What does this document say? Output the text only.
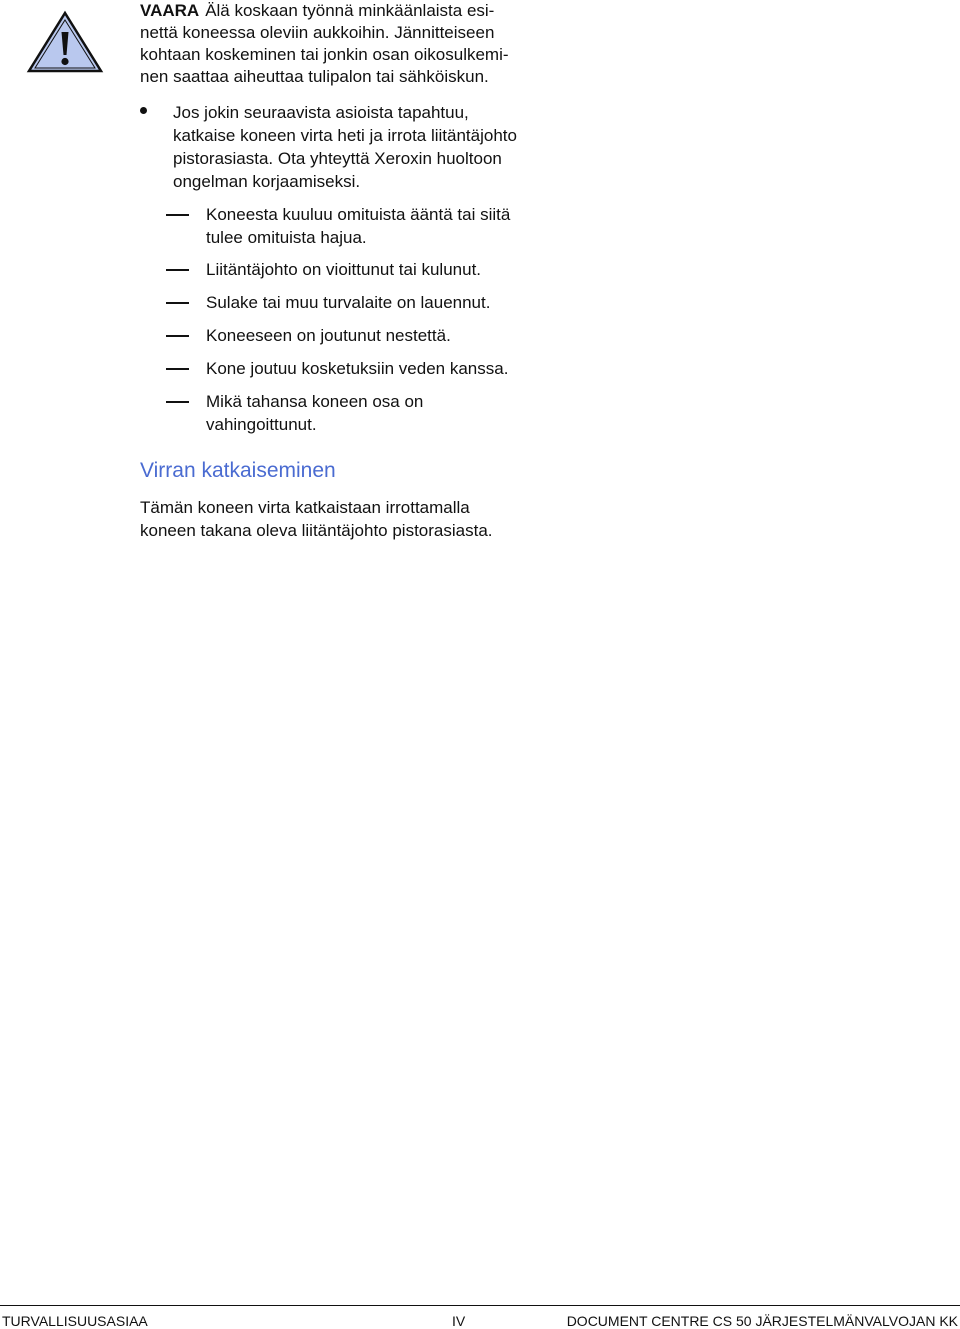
VAARA Älä koskaan työnnä minkäänlaista esi-
nettä koneessa oleviin aukkoihin. Jännitteiseen
kohtaan koskeminen tai jonkin osan oikosulkemi-
nen saattaa aiheuttaa tulipalon tai sähköiskun.
Jos jokin seuraavista asioista tapahtuu,
katkaise koneen virta heti ja irrota liitäntäjohto
pistorasiasta. Ota yhteyttä Xeroxin huoltoon
ongelman korjaamiseksi.
Koneesta kuuluu omituista ääntä tai siitä
tulee omituista hajua.
Liitäntäjohto on vioittunut tai kulunut.
Sulake tai muu turvalaite on lauennut.
Koneeseen on joutunut nestettä.
Kone joutuu kosketuksiin veden kanssa.
Mikä tahansa koneen osa on
vahingoittunut.
Virran katkaiseminen
Tämän koneen virta katkaistaan irrottamalla
koneen takana oleva liitäntäjohto pistorasiasta.
TURVALLISUUSASIAA	IV	DOCUMENT CENTRE CS 50 JÄRJESTELMÄNVALVOJAN KK
